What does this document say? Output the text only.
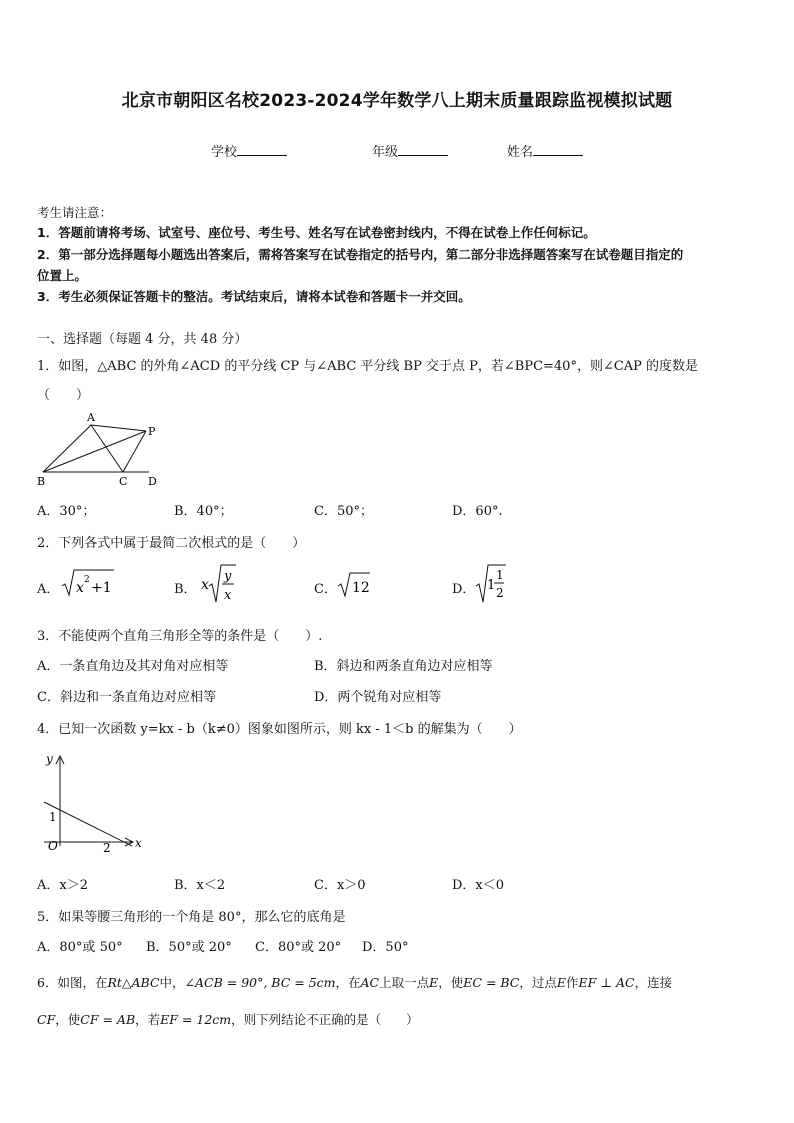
北京市朝阳区名校2023-2024学年数学八上期末质量跟踪监视模拟试题
学校	年级	姓名
考生请注意：
1．答题前请将考场、试室号、座位号、考生号、姓名写在试卷密封线内，不得在试卷上作任何标记。
2．第一部分选择题每小题选出答案后，需将答案写在试卷指定的括号内，第二部分非选择题答案写在试卷题目指定的
位置上。
3．考生必须保证答题卡的整洁。考试结束后，请将本试卷和答题卡一并交回。
一、选择题（每题 4 分，共 48 分）
1．如图，△ABC 的外角∠ACD 的平分线 CP 与∠ABC 平分线 BP 交于点 P，若∠BPC=40°，则∠CAP 的度数是
（　　）
A
P
B	C D
A．30°；	B．40°；	C．50°；	D．60°.
2．下列各式中属于最简二次根式的是（　　）
A． x 2 +1	B． x
y
x	C． 12	D． 1
1
2
3．不能使两个直角三角形全等的条件是（　　）.
A．一条直角边及其对角对应相等	B．斜边和两条直角边对应相等
C．斜边和一条直角边对应相等	D．两个锐角对应相等
4．已知一次函数 y=kx - b（k≠0）图象如图所示，则 kx - 1＜b 的解集为（　　）
y
x
O
1
2
A．x＞2	B．x＜2	C．x＞0	D．x＜0
5．如果等腰三角形的一个角是 80°，那么它的底角是
A．80°或 50° B．50°或 20° C．80°或 20° D．50°
6．如图，在Rt△ABC中，∠ACB = 90°, BC = 5cm，在AC上取一点E，使EC = BC，过点E作EF ⊥ AC，连接
CF，使CF = AB，若EF = 12cm，则下列结论不正确的是（　　）
